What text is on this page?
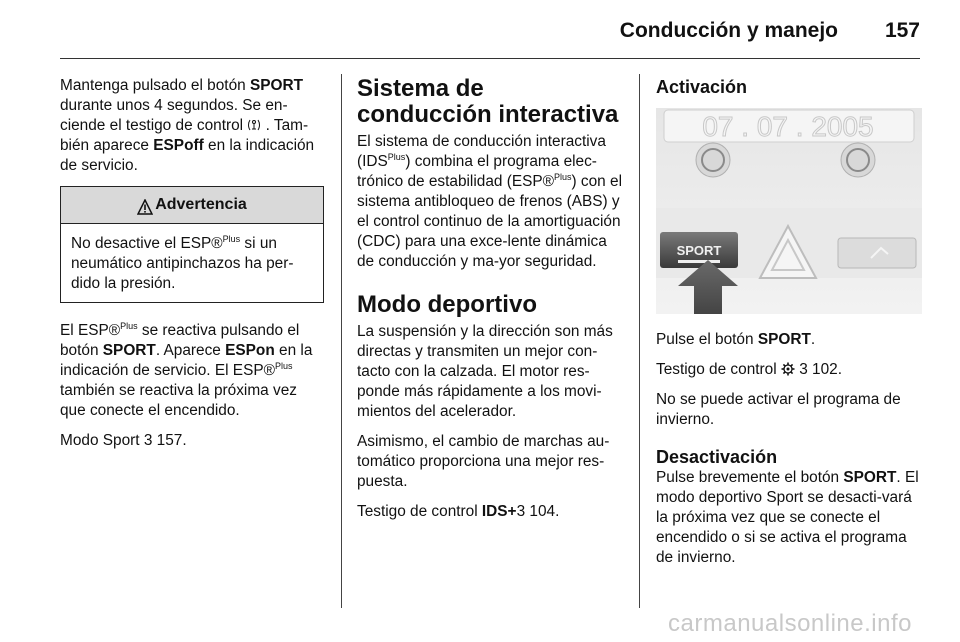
Conducción y manejo 157

Mantenga pulsado el botón SPORT durante unos 4 segundos. Se en-ciende el testigo de control  . Tam-bién aparece ESPoff en la indicación de servicio.

Advertencia
No desactive el ESP®$^{Plus}$ si un neumático antipinchazos ha per-dido la presión.

El ESP®$^{Plus}$ se reactiva pulsando el botón SPORT. Aparece ESPon en la indicación de servicio. El ESP®$^{Plus}$ también se reactiva la próxima vez que conecte el encendido.

Modo Sport 3 157.

Sistema de conducción interactiva

El sistema de conducción interactiva $(IDS^{Plus})$ combina el programa elec-trónico de estabilidad (ESP®$^{Plus}$) con el sistema antibloqueo de frenos (ABS) y el control continuo de la amortiguación (CDC) para una exce-lente dinámica de conducción y ma-yor seguridad.

Modo deportivo

La suspensión y la dirección son más directas y transmiten un mejor con-tacto con la calzada. El motor res-ponde más rápidamente a los movi-mientos del acelerador.

Asimismo, el cambio de marchas au-tomático proporciona una mejor res-puesta.

Testigo de control IDS+3 104.

Activación
07 . 07 . 2005
SPORT

Pulse el botón SPORT.

Testigo de control  3 102.

No se puede activar el programa de invierno.

Desactivación

Pulse brevemente el botón SPORT. El modo deportivo Sport se desacti-vará la próxima vez que se conecte el encendido o si se activa el programa de invierno.

carmanualsonline.info
